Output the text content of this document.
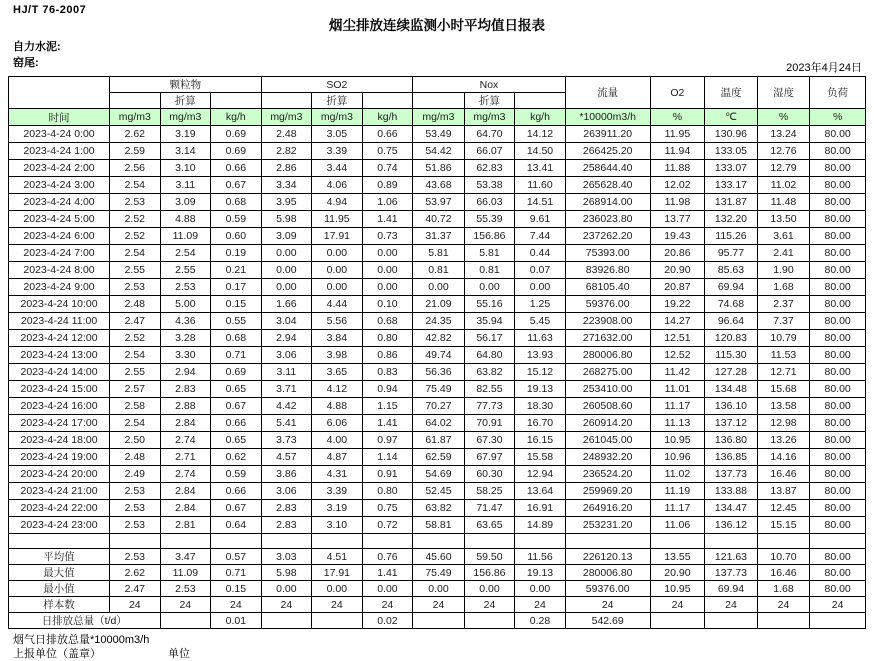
HJ/T 76-2007
烟尘排放连续监测小时平均值日报表
自力水泥:
窑尾:	2023年4月24日
	颗粒物			SO2			Nox			流量	O2	温度	湿度	负荷
		折算			折算			折算						
时间	mg/m3	mg/m3	kg/h	mg/m3	mg/m3	kg/h	mg/m3	mg/m3	kg/h	*10000m3/h	%	℃	%	%
2023-4-24 0:00	2.62	3.19	0.69	2.48	3.05	0.66	53.49	64.70	14.12	263911.20	11.95	130.96	13.24	80.00
2023-4-24 1:00	2.59	3.14	0.69	2.82	3.39	0.75	54.42	66.07	14.50	266425.20	11.94	133.05	12.76	80.00
2023-4-24 2:00	2.56	3.10	0.66	2.86	3.44	0.74	51.86	62.83	13.41	258644.40	11.88	133.07	12.79	80.00
2023-4-24 3:00	2.54	3.11	0.67	3.34	4.06	0.89	43.68	53.38	11.60	265628.40	12.02	133.17	11.02	80.00
2023-4-24 4:00	2.53	3.09	0.68	3.95	4.94	1.06	53.97	66.03	14.51	268914.00	11.98	131.87	11.48	80.00
2023-4-24 5:00	2.52	4.88	0.59	5.98	11.95	1.41	40.72	55.39	9.61	236023.80	13.77	132.20	13.50	80.00
2023-4-24 6:00	2.52	11.09	0.60	3.09	17.91	0.73	31.37	156.86	7.44	237262.20	19.43	115.26	3.61	80.00
2023-4-24 7:00	2.54	2.54	0.19	0.00	0.00	0.00	5.81	5.81	0.44	75393.00	20.86	95.77	2.41	80.00
2023-4-24 8:00	2.55	2.55	0.21	0.00	0.00	0.00	0.81	0.81	0.07	83926.80	20.90	85.63	1.90	80.00
2023-4-24 9:00	2.53	2.53	0.17	0.00	0.00	0.00	0.00	0.00	0.00	68105.40	20.87	69.94	1.68	80.00
2023-4-24 10:00	2.48	5.00	0.15	1.66	4.44	0.10	21.09	55.16	1.25	59376.00	19.22	74.68	2.37	80.00
2023-4-24 11:00	2.47	4.36	0.55	3.04	5.56	0.68	24.35	35.94	5.45	223908.00	14.27	96.64	7.37	80.00
2023-4-24 12:00	2.52	3.28	0.68	2.94	3.84	0.80	42.82	56.17	11.63	271632.00	12.51	120.83	10.79	80.00
2023-4-24 13:00	2.54	3.30	0.71	3.06	3.98	0.86	49.74	64.80	13.93	280006.80	12.52	115.30	11.53	80.00
2023-4-24 14:00	2.55	2.94	0.69	3.11	3.65	0.83	56.36	63.82	15.12	268275.00	11.42	127.28	12.71	80.00
2023-4-24 15:00	2.57	2.83	0.65	3.71	4.12	0.94	75.49	82.55	19.13	253410.00	11.01	134.48	15.68	80.00
2023-4-24 16:00	2.58	2.88	0.67	4.42	4.88	1.15	70.27	77.73	18.30	260508.60	11.17	136.10	13.58	80.00
2023-4-24 17:00	2.54	2.84	0.66	5.41	6.06	1.41	64.02	70.91	16.70	260914.20	11.13	137.12	12.98	80.00
2023-4-24 18:00	2.50	2.74	0.65	3.73	4.00	0.97	61.87	67.30	16.15	261045.00	10.95	136.80	13.26	80.00
2023-4-24 19:00	2.48	2.71	0.62	4.57	4.87	1.14	62.59	67.97	15.58	248932.20	10.96	136.85	14.16	80.00
2023-4-24 20:00	2.49	2.74	0.59	3.86	4.31	0.91	54.69	60.30	12.94	236524.20	11.02	137.73	16.46	80.00
2023-4-24 21:00	2.53	2.84	0.66	3.06	3.39	0.80	52.45	58.25	13.64	259969.20	11.19	133.88	13.87	80.00
2023-4-24 22:00	2.53	2.84	0.67	2.83	3.19	0.75	63.82	71.47	16.91	264916.20	11.17	134.47	12.45	80.00
2023-4-24 23:00	2.53	2.81	0.64	2.83	3.10	0.72	58.81	63.65	14.89	253231.20	11.06	136.12	15.15	80.00

平均值	2.53	3.47	0.57	3.03	4.51	0.76	45.60	59.50	11.56	226120.13	13.55	121.63	10.70	80.00
最大值	2.62	11.09	0.71	5.98	17.91	1.41	75.49	156.86	19.13	280006.80	20.90	137.73	16.46	80.00
最小值	2.47	2.53	0.15	0.00	0.00	0.00	0.00	0.00	0.00	59376.00	10.95	69.94	1.68	80.00
样本数	24	24	24	24	24	24	24	24	24	24	24	24	24	24
日排放总量（t/d）			0.01			0.02			0.28	542.69				
烟气日排放总量*10000m3/h
上报单位（盖章）	单位
